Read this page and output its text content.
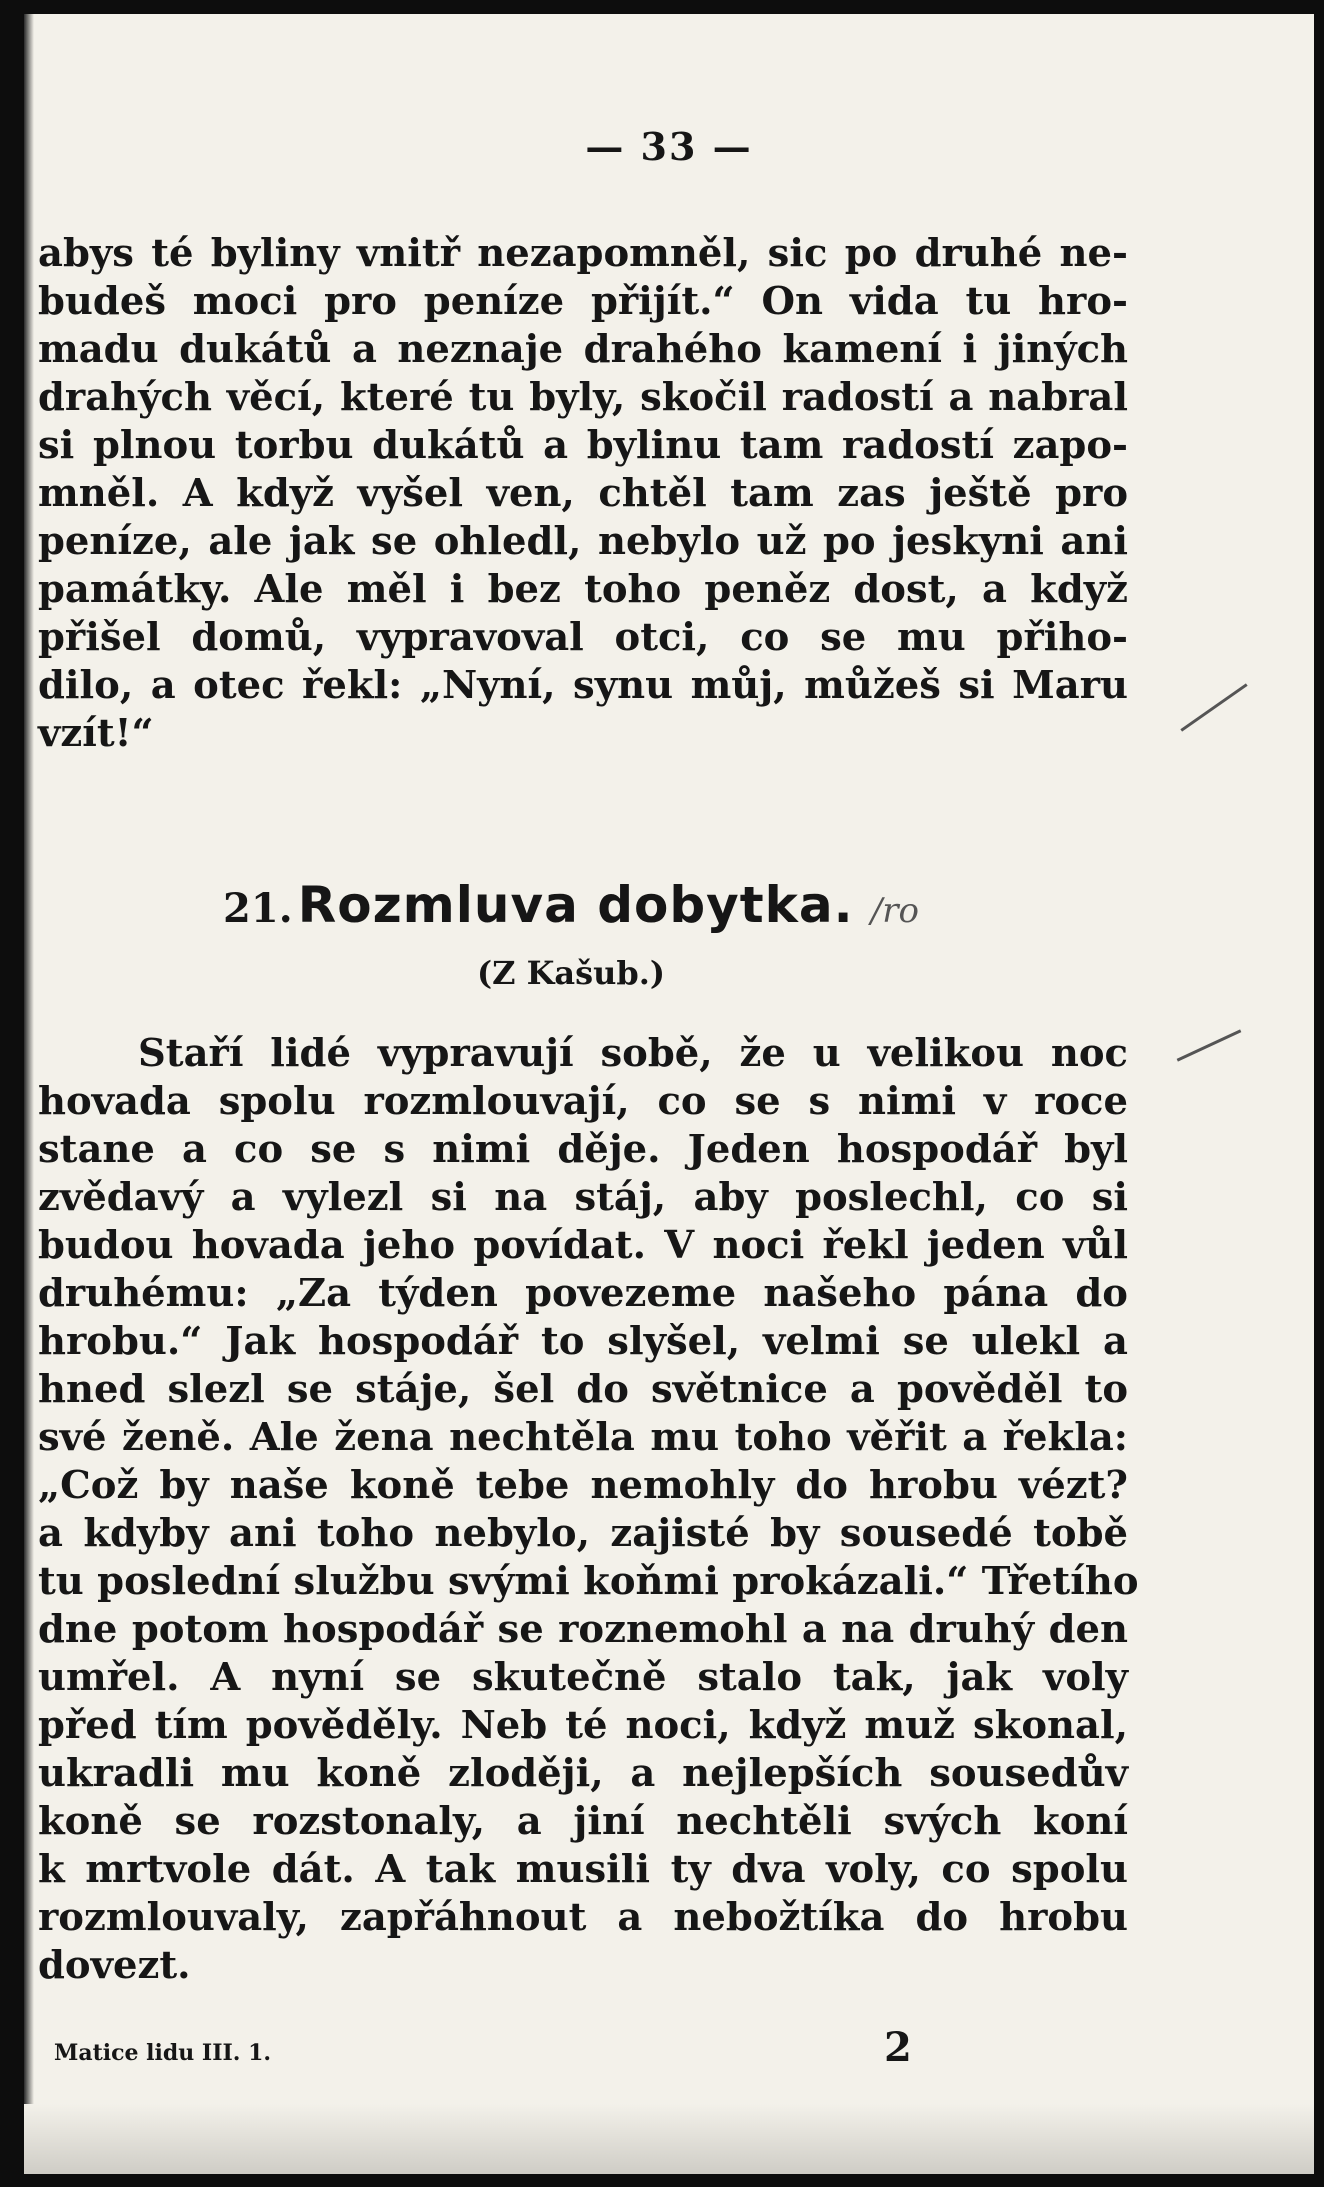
— 33 —
abys té byliny vnitř nezapomněl, sic po druhé ne-
budeš moci pro peníze přijít.“ On vida tu hro-
madu dukátů a neznaje drahého kamení i jiných
drahých věcí, které tu byly, skočil radostí a nabral
si plnou torbu dukátů a bylinu tam radostí zapo-
mněl. A když vyšel ven, chtěl tam zas ještě pro
peníze, ale jak se ohledl, nebylo už po jeskyni ani
památky. Ale měl i bez toho peněz dost, a když
přišel domů, vypravoval otci, co se mu přiho-
dilo, a otec řekl: „Nyní, synu můj, můžeš si Maru
vzít!“
21. Rozmluva dobytka. /ro
(Z Kašub.)
Staří lidé vypravují sobě, že u velikou noc
hovada spolu rozmlouvají, co se s nimi v roce
stane a co se s nimi děje. Jeden hospodář byl
zvědavý a vylezl si na stáj, aby poslechl, co si
budou hovada jeho povídat. V noci řekl jeden vůl
druhému: „Za týden povezeme našeho pána do
hrobu.“ Jak hospodář to slyšel, velmi se ulekl a
hned slezl se stáje, šel do světnice a pověděl to
své ženě. Ale žena nechtěla mu toho věřit a řekla:
„Což by naše koně tebe nemohly do hrobu vézt?
a kdyby ani toho nebylo, zajisté by sousedé tobě
tu poslední službu svými koňmi prokázali.“ Třetího
dne potom hospodář se roznemohl a na druhý den
umřel. A nyní se skutečně stalo tak, jak voly
před tím pověděly. Neb té noci, když muž skonal,
ukradli mu koně zloději, a nejlepších sousedův
koně se rozstonaly, a jiní nechtěli svých koní
k mrtvole dát. A tak musili ty dva voly, co spolu
rozmlouvaly, zapřáhnout a nebožtíka do hrobu
dovezt.
Matice lidu III. 1.	2
